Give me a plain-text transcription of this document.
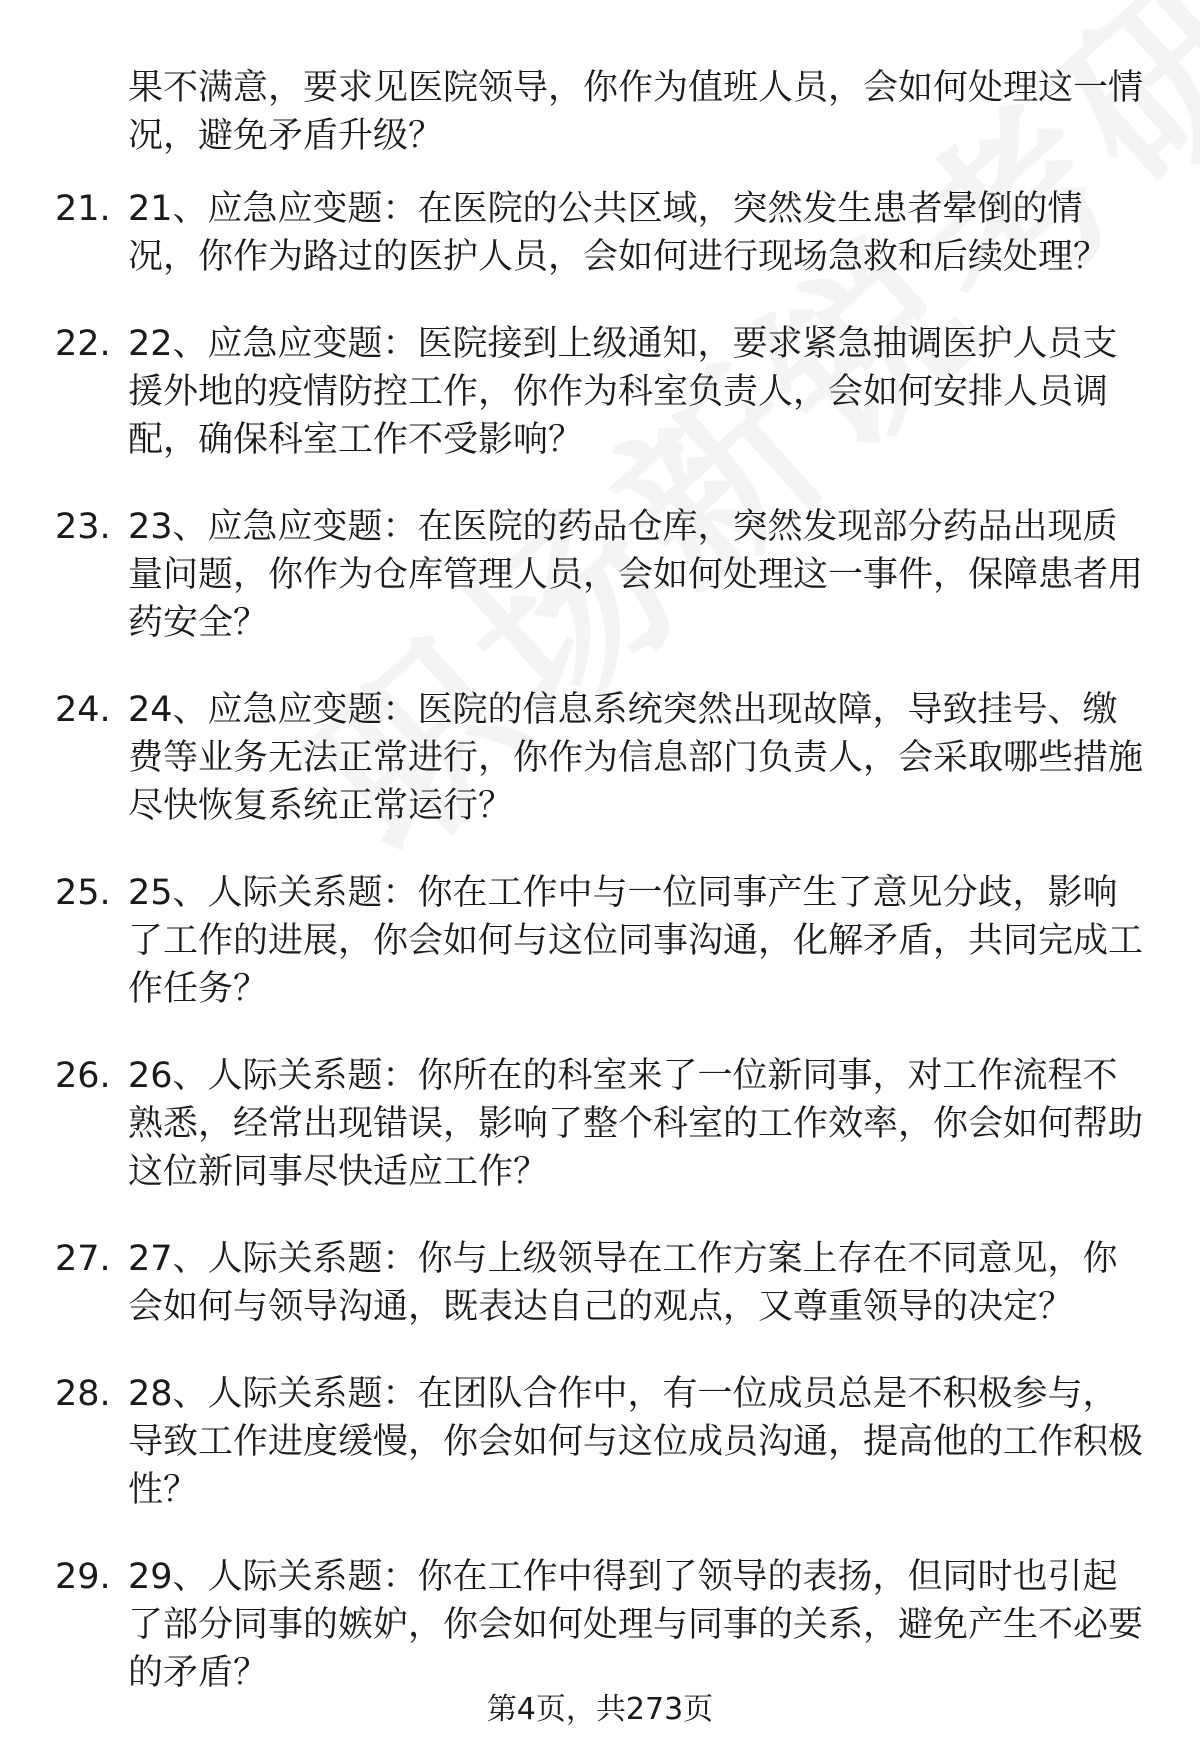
果不满意，要求见医院领导，你作为值班人员，会如何处理这一情况，避免矛盾升级？

21. 21、应急应变题：在医院的公共区域，突然发生患者晕倒的情况，你作为路过的医护人员，会如何进行现场急救和后续处理？
22. 22、应急应变题：医院接到上级通知，要求紧急抽调医护人员支援外地的疫情防控工作，你作为科室负责人，会如何安排人员调配，确保科室工作不受影响？
23. 23、应急应变题：在医院的药品仓库，突然发现部分药品出现质量问题，你作为仓库管理人员，会如何处理这一事件，保障患者用药安全？
24. 24、应急应变题：医院的信息系统突然出现故障，导致挂号、缴费等业务无法正常进行，你作为信息部门负责人，会采取哪些措施尽快恢复系统正常运行？
25. 25、人际关系题：你在工作中与一位同事产生了意见分歧，影响了工作的进展，你会如何与这位同事沟通，化解矛盾，共同完成工作任务？
26. 26、人际关系题：你所在的科室来了一位新同事，对工作流程不熟悉，经常出现错误，影响了整个科室的工作效率，你会如何帮助这位新同事尽快适应工作？
27. 27、人际关系题：你与上级领导在工作方案上存在不同意见，你会如何与领导沟通，既表达自己的观点，又尊重领导的决定？
28. 28、人际关系题：在团队合作中，有一位成员总是不积极参与，导致工作进度缓慢，你会如何与这位成员沟通，提高他的工作积极性？
29. 29、人际关系题：你在工作中得到了领导的表扬，但同时也引起了部分同事的嫉妒，你会如何处理与同事的关系，避免产生不必要的矛盾？
第4页，共273页
